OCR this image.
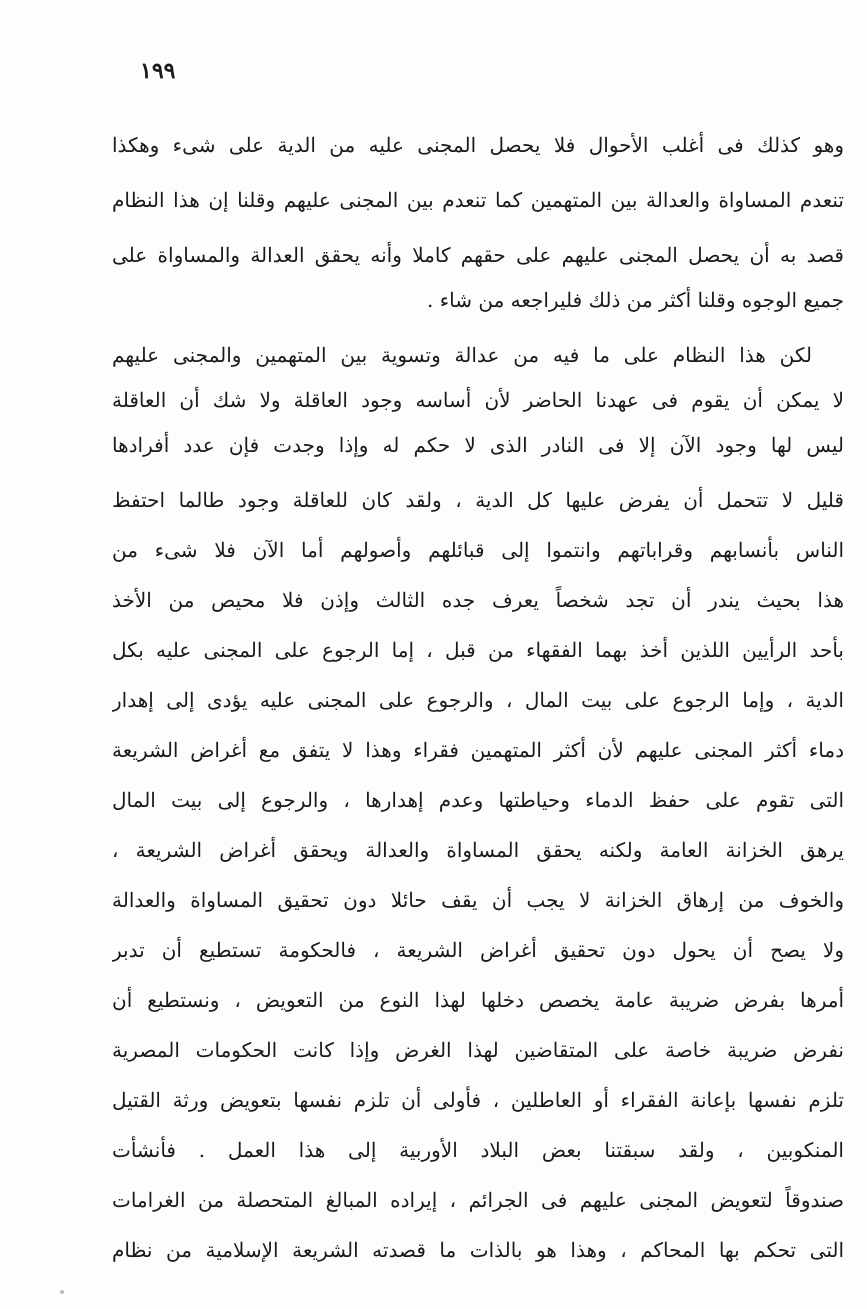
١٩٩
وهو كذلك فى أغلب الأحوال فلا يحصل المجنى عليه من الدية على شىء وهكذا
تنعدم المساواة والعدالة بين المتهمين كما تنعدم بين المجنى عليهم وقلنا إن هذا النظام
قصد به أن يحصل المجنى عليهم على حقهم كاملا وأنه يحقق العدالة والمساواة على
جميع الوجوه وقلنا أكثر من ذلك فليراجعه من شاء .
لكن هذا النظام على ما فيه من عدالة وتسوية بين المتهمين والمجنى عليهم
لا يمكن أن يقوم فى عهدنا الحاضر لأن أساسه وجود العاقلة ولا شك أن العاقلة
ليس لها وجود الآن إلا فى النادر الذى لا حكم له وإذا وجدت فإن عدد أفرادها
قليل لا تتحمل أن يفرض عليها كل الدية ، ولقد كان للعاقلة وجود طالما احتفظ
الناس بأنسابهم وقراباتهم وانتموا إلى قبائلهم وأصولهم أما الآن فلا شىء من
هذا بحيث يندر أن تجد شخصاً يعرف جده الثالث وإذن فلا محيص من الأخذ
بأحد الرأيين اللذين أخذ بهما الفقهاء من قبل ، إما الرجوع على المجنى عليه بكل
الدية ، وإما الرجوع على بيت المال ، والرجوع على المجنى عليه يؤدى إلى إهدار
دماء أكثر المجنى عليهم لأن أكثر المتهمين فقراء وهذا لا يتفق مع أغراض الشريعة
التى تقوم على حفظ الدماء وحياطتها وعدم إهدارها ، والرجوع إلى بيت المال
يرهق الخزانة العامة ولكنه يحقق المساواة والعدالة ويحقق أغراض الشريعة ،
والخوف من إرهاق الخزانة لا يجب أن يقف حائلا دون تحقيق المساواة والعدالة
ولا يصح أن يحول دون تحقيق أغراض الشريعة ، فالحكومة تستطيع أن تدبر
أمرها بفرض ضريبة عامة يخصص دخلها لهذا النوع من التعويض ، ونستطيع أن
نفرض ضريبة خاصة على المتقاضين لهذا الغرض وإذا كانت الحكومات المصرية
تلزم نفسها بإعانة الفقراء أو العاطلين ، فأولى أن تلزم نفسها بتعويض ورثة القتيل
المنكوبين ، ولقد سبقتنا بعض البلاد الأوربية إلى هذا العمل . فأنشأت
صندوقاً لتعويض المجنى عليهم فى الجرائم ، إيراده المبالغ المتحصلة من الغرامات
التى تحكم بها المحاكم ، وهذا هو بالذات ما قصدته الشريعة الإسلامية من نظام
